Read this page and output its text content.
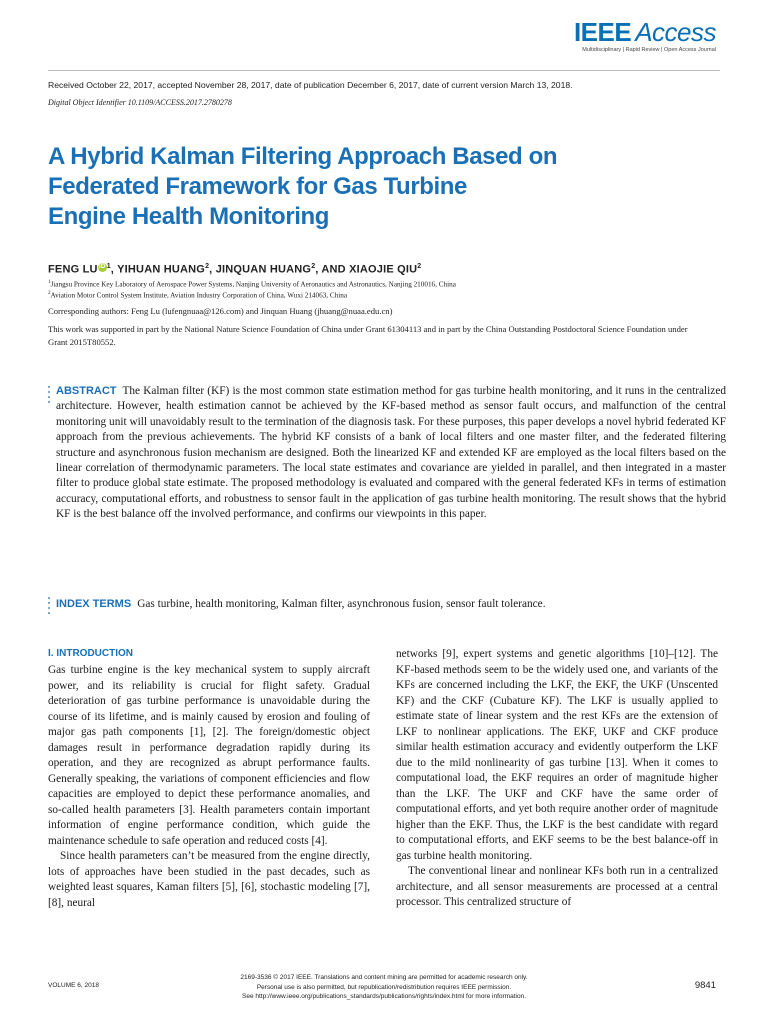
IEEE Access
Multidisciplinary | Rapid Review | Open Access Journal
Received October 22, 2017, accepted November 28, 2017, date of publication December 6, 2017, date of current version March 13, 2018.
Digital Object Identifier 10.1109/ACCESS.2017.2780278
A Hybrid Kalman Filtering Approach Based on
Federated Framework for Gas Turbine
Engine Health Monitoring
FENG LUiD$^1$, YIHUAN HUANG$^2$, JINQUAN HUANG$^2$, AND XIAOJIE QIU$^2$
$^1$Jiangsu Province Key Laboratory of Aerospace Power Systems, Nanjing University of Aeronautics and Astronautics, Nanjing 210016, China
$^2$Aviation Motor Control System Institute, Aviation Industry Corporation of China, Wuxi 214063, China
Corresponding authors: Feng Lu (lufengnuaa@126.com) and Jinquan Huang (jhuang@nuaa.edu.cn)
This work was supported in part by the National Nature Science Foundation of China under Grant 61304113 and in part by the China Outstanding Postdoctoral Science Foundation under Grant 2015T80552.

ABSTRACT The Kalman filter (KF) is the most common state estimation method for gas turbine health monitoring, and it runs in the centralized architecture. However, health estimation cannot be achieved by the KF-based method as sensor fault occurs, and malfunction of the central monitoring unit will unavoidably result to the termination of the diagnosis task. For these purposes, this paper develops a novel hybrid federated KF approach from the previous achievements. The hybrid KF consists of a bank of local filters and one master filter, and the federated filtering structure and asynchronous fusion mechanism are designed. Both the linearized KF and extended KF are employed as the local filters based on the linear correlation of thermodynamic parameters. The local state estimates and covariance are yielded in parallel, and then integrated in a master filter to produce global state estimate. The proposed methodology is evaluated and compared with the general federated KFs in terms of estimation accuracy, computational efforts, and robustness to sensor fault in the application of gas turbine health monitoring. The result shows that the hybrid KF is the best balance off the involved performance, and confirms our viewpoints in this paper.

INDEX TERMS Gas turbine, health monitoring, Kalman filter, asynchronous fusion, sensor fault tolerance.
I. INTRODUCTION

Gas turbine engine is the key mechanical system to supply aircraft power, and its reliability is crucial for flight safety. Gradual deterioration of gas turbine performance is unavoidable during the course of its lifetime, and is mainly caused by erosion and fouling of major gas path components [1], [2]. The foreign/domestic object damages result in performance degradation rapidly during its operation, and they are recognized as abrupt performance faults. Generally speaking, the variations of component efficiencies and flow capacities are employed to depict these performance anomalies, and so-called health parameters [3]. Health parameters contain important information of engine performance condition, which guide the maintenance schedule to safe operation and reduced costs [4].

Since health parameters can’t be measured from the engine directly, lots of approaches have been studied in the past decades, such as weighted least squares, Kaman filters [5], [6], stochastic modeling [7], [8], neural

networks [9], expert systems and genetic algorithms [10]–[12]. The KF-based methods seem to be the widely used one, and variants of the KFs are concerned including the LKF, the EKF, the UKF (Unscented KF) and the CKF (Cubature KF). The LKF is usually applied to estimate state of linear system and the rest KFs are the extension of LKF to nonlinear applications. The EKF, UKF and CKF produce similar health estimation accuracy and evidently outperform the LKF due to the mild nonlinearity of gas turbine [13]. When it comes to computational load, the EKF requires an order of magnitude higher than the LKF. The UKF and CKF have the same order of computational efforts, and yet both require another order of magnitude higher than the EKF. Thus, the LKF is the best candidate with regard to computational efforts, and EKF seems to be the best balance-off in gas turbine health monitoring.

The conventional linear and nonlinear KFs both run in a centralized architecture, and all sensor measurements are processed at a central processor. This centralized structure of

VOLUME 6, 2018
2169-3536 © 2017 IEEE. Translations and content mining are permitted for academic research only.
Personal use is also permitted, but republication/redistribution requires IEEE permission.
See http://www.ieee.org/publications_standards/publications/rights/index.html for more information.
9841
